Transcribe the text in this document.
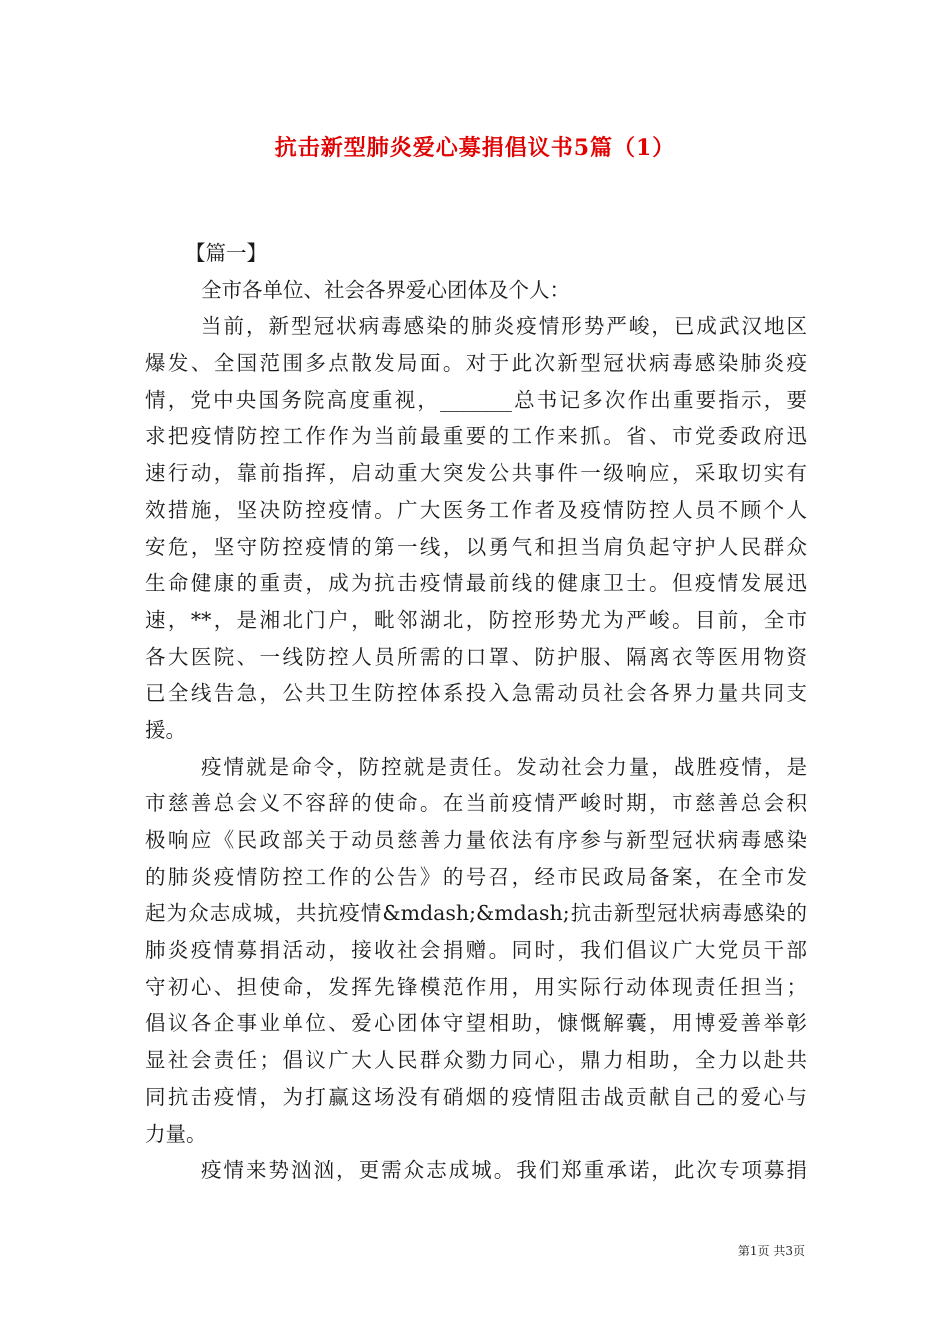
抗击新型肺炎爱心募捐倡议书5篇（1）
【篇一】
全市各单位、社会各界爱心团体及个人：
当前，新型冠状病毒感染的肺炎疫情形势严峻，已成武汉地区
爆发、全国范围多点散发局面。对于此次新型冠状病毒感染肺炎疫
情，党中央国务院高度重视，_______总书记多次作出重要指示，要
求把疫情防控工作作为当前最重要的工作来抓。省、市党委政府迅
速行动，靠前指挥，启动重大突发公共事件一级响应，采取切实有
效措施，坚决防控疫情。广大医务工作者及疫情防控人员不顾个人
安危，坚守防控疫情的第一线，以勇气和担当肩负起守护人民群众
生命健康的重责，成为抗击疫情最前线的健康卫士。但疫情发展迅
速，**，是湘北门户，毗邻湖北，防控形势尤为严峻。目前，全市
各大医院、一线防控人员所需的口罩、防护服、隔离衣等医用物资
已全线告急，公共卫生防控体系投入急需动员社会各界力量共同支
援。
疫情就是命令，防控就是责任。发动社会力量，战胜疫情，是
市慈善总会义不容辞的使命。在当前疫情严峻时期，市慈善总会积
极响应《民政部关于动员慈善力量依法有序参与新型冠状病毒感染
的肺炎疫情防控工作的公告》的号召，经市民政局备案，在全市发
起为众志成城，共抗疫情&mdash;&mdash;抗击新型冠状病毒感染的
肺炎疫情募捐活动，接收社会捐赠。同时，我们倡议广大党员干部
守初心、担使命，发挥先锋模范作用，用实际行动体现责任担当；
倡议各企事业单位、爱心团体守望相助，慷慨解囊，用博爱善举彰
显社会责任；倡议广大人民群众勠力同心，鼎力相助，全力以赴共
同抗击疫情，为打赢这场没有硝烟的疫情阻击战贡献自己的爱心与
力量。
疫情来势汹汹，更需众志成城。我们郑重承诺，此次专项募捐
第1页 共3页
